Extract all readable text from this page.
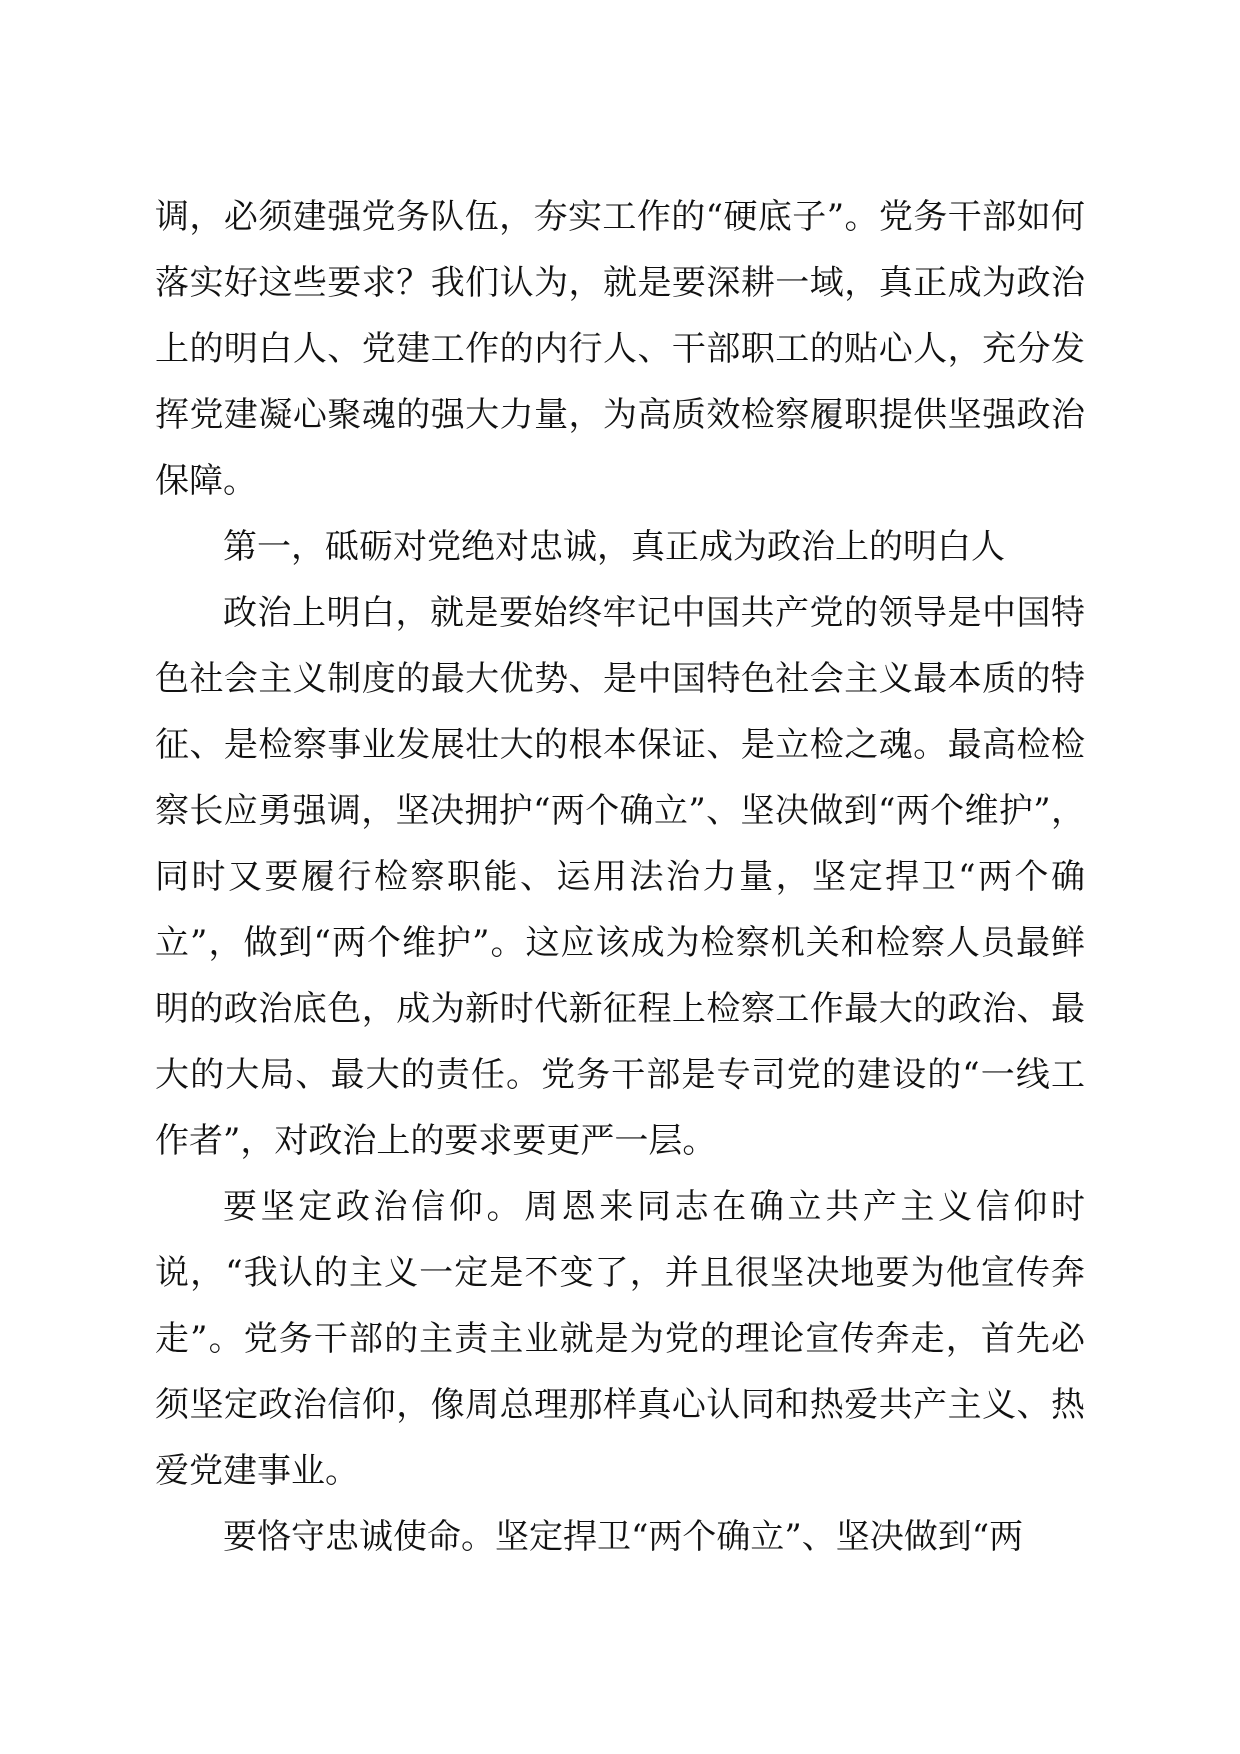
调，必须建强党务队伍，夯实工作的“硬底子”。党务干部如何落实好这些要求？我们认为，就是要深耕一域，真正成为政治上的明白人、党建工作的内行人、干部职工的贴心人，充分发挥党建凝心聚魂的强大力量，为高质效检察履职提供坚强政治保障。

第一，砥砺对党绝对忠诚，真正成为政治上的明白人

政治上明白，就是要始终牢记中国共产党的领导是中国特色社会主义制度的最大优势、是中国特色社会主义最本质的特征、是检察事业发展壮大的根本保证、是立检之魂。最高检检察长应勇强调，坚决拥护“两个确立”、坚决做到“两个维护”，同时又要履行检察职能、运用法治力量，坚定捍卫“两个确立”，做到“两个维护”。这应该成为检察机关和检察人员最鲜明的政治底色，成为新时代新征程上检察工作最大的政治、最大的大局、最大的责任。党务干部是专司党的建设的“一线工作者”，对政治上的要求要更严一层。

要坚定政治信仰。周恩来同志在确立共产主义信仰时说，“我认的主义一定是不变了，并且很坚决地要为他宣传奔走”。党务干部的主责主业就是为党的理论宣传奔走，首先必须坚定政治信仰，像周总理那样真心认同和热爱共产主义、热爱党建事业。

要恪守忠诚使命。坚定捍卫“两个确立”、坚决做到“两
